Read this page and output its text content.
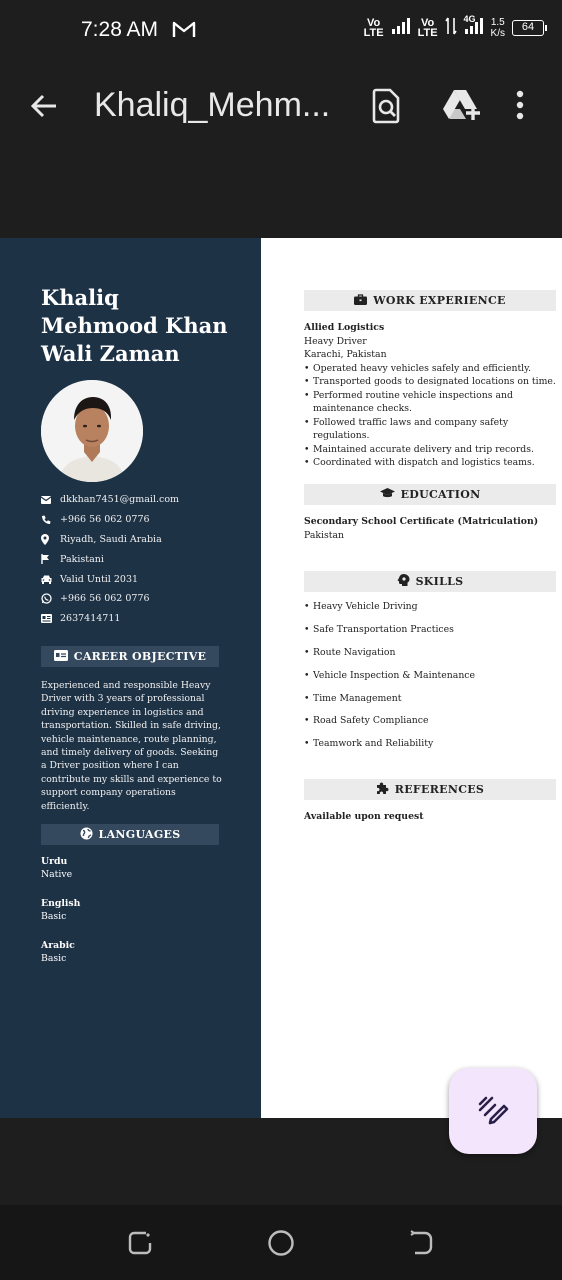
7:28 AM	Vo
LTE
Vo
LTE
4G 1.5
K/s
64
Khaliq_Mehm...
Khaliq
Mehmood Khan
Wali Zaman
dkkhan7451@gmail.com
+966 56 062 0776
Riyadh, Saudi Arabia
Pakistani
Valid Until 2031
+966 56 062 0776
2637414711
CAREER OBJECTIVE
Experienced and responsible Heavy Driver with 3 years of professional driving experience in logistics and transportation. Skilled in safe driving, vehicle maintenance, route planning, and timely delivery of goods. Seeking a Driver position where I can contribute my skills and experience to support company operations efficiently.
LANGUAGES
Urdu
Native
English
Basic
Arabic
Basic
WORK EXPERIENCE
Allied Logistics
Heavy Driver
Karachi, Pakistan
• Operated heavy vehicles safely and efficiently.
• Transported goods to designated locations on time.
• Performed routine vehicle inspections and maintenance checks.
• Followed traffic laws and company safety regulations.
• Maintained accurate delivery and trip records.
• Coordinated with dispatch and logistics teams.
EDUCATION
Secondary School Certificate (Matriculation)
Pakistan
SKILLS
• Heavy Vehicle Driving
• Safe Transportation Practices
• Route Navigation
• Vehicle Inspection & Maintenance
• Time Management
• Road Safety Compliance
• Teamwork and Reliability
REFERENCES
Available upon request
